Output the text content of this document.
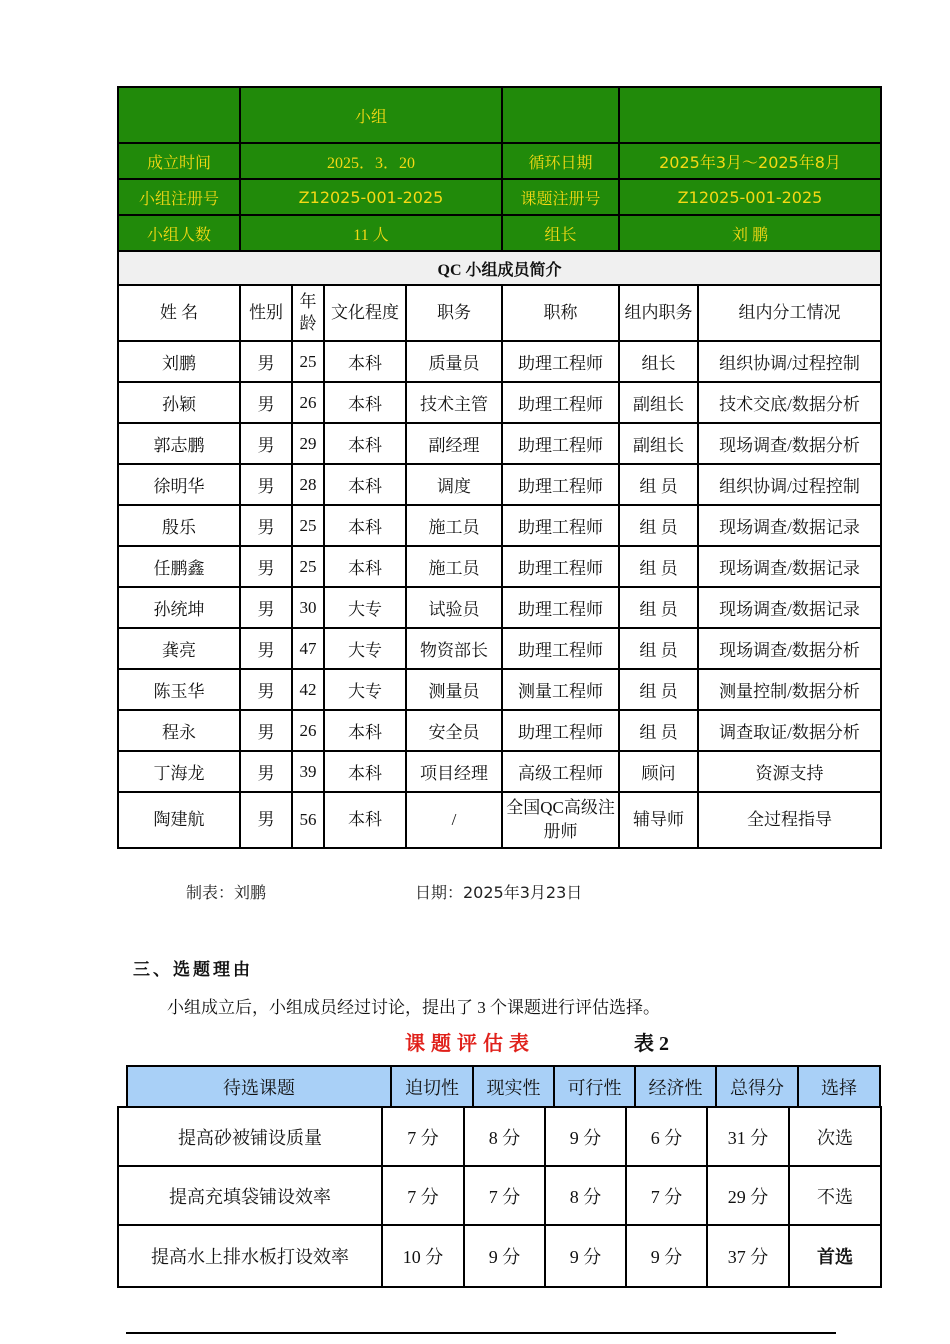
	小组						
成立时间	2025．3．20				循环日期	2025年3月～2025年8月	
小组注册号	Z12025-001-2025				课题注册号	Z12025-001-2025	
小组人数	11 人				组长	刘 鹏	
QC 小组成员简介							
姓 名	性别	年龄	文化程度	职务	职称	组内职务	组内分工情况
刘鹏	男	25	本科	质量员	助理工程师	组长	组织协调/过程控制
孙颖	男	26	本科	技术主管	助理工程师	副组长	技术交底/数据分析
郭志鹏	男	29	本科	副经理	助理工程师	副组长	现场调查/数据分析
徐明华	男	28	本科	调度	助理工程师	组 员	组织协调/过程控制
殷乐	男	25	本科	施工员	助理工程师	组 员	现场调查/数据记录
任鹏鑫	男	25	本科	施工员	助理工程师	组 员	现场调查/数据记录
孙统坤	男	30	大专	试验员	助理工程师	组 员	现场调查/数据记录
龚亮	男	47	大专	物资部长	助理工程师	组 员	现场调查/数据分析
陈玉华	男	42	大专	测量员	测量工程师	组 员	测量控制/数据分析
程永	男	26	本科	安全员	助理工程师	组 员	调查取证/数据分析
丁海龙	男	39	本科	项目经理	高级工程师	顾问	资源支持
陶建航	男	56	本科	/	全国QC高级注册师	辅导师	全过程指导
制表：刘鹏	日期：2025年3月23日
三、选题理由
小组成立后，小组成员经过讨论，提出了 3 个课题进行评估选择。
课题评估表	表 2
待选课题	迫切性	现实性	可行性	经济性	总得分	选择
提高砂被铺设质量	7 分	8 分	9 分	6 分	31 分	次选
提高充填袋铺设效率	7 分	7 分	8 分	7 分	29 分	不选
提高水上排水板打设效率	10 分	9 分	9 分	9 分	37 分	首选
